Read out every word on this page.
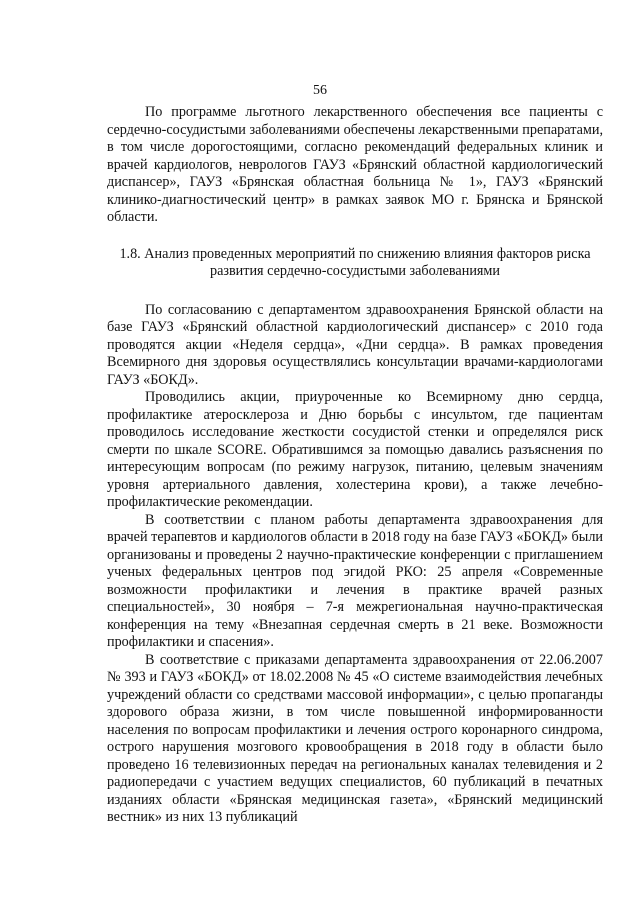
56

По программе льготного лекарственного обеспечения все пациенты с сердечно-сосудистыми заболеваниями обеспечены лекарственными препаратами, в том числе дорогостоящими, согласно рекомендаций федеральных клиник и врачей кардиологов, неврологов ГАУЗ «Брянский областной кардиологический диспансер», ГАУЗ «Брянская областная больница № 1», ГАУЗ «Брянский клинико-диагностический центр» в рамках заявок МО г. Брянска и Брянской области.

1.8. Анализ проведенных мероприятий по снижению влияния факторов риска
развития сердечно-сосудистыми заболеваниями

По согласованию с департаментом здравоохранения Брянской области на базе ГАУЗ «Брянский областной кардиологический диспансер» с 2010 года проводятся акции «Неделя сердца», «Дни сердца». В рамках проведения Всемирного дня здоровья осуществлялись консультации врачами-кардиологами ГАУЗ «БОКД».

Проводились акции, приуроченные ко Всемирному дню сердца, профилактике атеросклероза и Дню борьбы с инсультом, где пациентам проводилось исследование жесткости сосудистой стенки и определялся риск смерти по шкале SCORE. Обратившимся за помощью давались разъяснения по интересующим вопросам (по режиму нагрузок, питанию, целевым значениям уровня артериального давления, холестерина крови), а также лечебно-профилактические рекомендации.

В соответствии с планом работы департамента здравоохранения для врачей терапевтов и кардиологов области в 2018 году на базе ГАУЗ «БОКД» были организованы и проведены 2 научно-практические конференции с приглашением ученых федеральных центров под эгидой РКО: 25 апреля «Современные возможности профилактики и лечения в практике врачей разных специальностей», 30 ноября – 7-я межрегиональная научно-практическая конференция на тему «Внезапная сердечная смерть в 21 веке. Возможности профилактики и спасения».

В соответствие с приказами департамента здравоохранения от 22.06.2007 № 393 и ГАУЗ «БОКД» от 18.02.2008 № 45 «О системе взаимодействия лечебных учреждений области со средствами массовой информации», с целью пропаганды здорового образа жизни, в том числе повышенной информированности населения по вопросам профилактики и лечения острого коронарного синдрома, острого нарушения мозгового кровообращения в 2018 году в области было проведено 16 телевизионных передач на региональных каналах телевидения и 2 радиопередачи с участием ведущих специалистов, 60 публикаций в печатных изданиях области «Брянская медицинская газета», «Брянский медицинский вестник» из них 13 публикаций
